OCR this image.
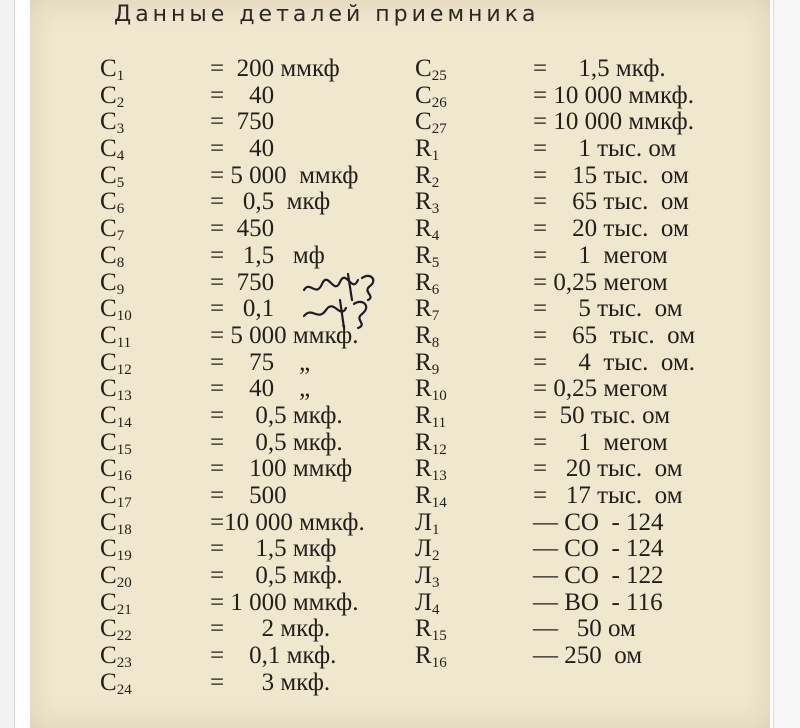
Данные деталей приемника
$C_1$	=  200 ммкф
$C_2$	=    40
$C_3$	=  750
$C_4$	=    40
$C_5$	= 5 000  ммкф
$C_6$	=   0,5  мкф
$C_7$	=  450
$C_8$	=   1,5   мф
$C_9$	=  750
$C_{10}$	=   0,1
$C_{11}$	= 5 000 ммкф.
$C_{12}$	=    75    „
$C_{13}$	=    40    „
$C_{14}$	=     0,5 мкф.
$C_{15}$	=     0,5 мкф.
$C_{16}$	=    100 ммкф
$C_{17}$	=    500
$C_{18}$	=10 000 ммкф.
$C_{19}$	=     1,5 мкф
$C_{20}$	=     0,5 мкф.
$C_{21}$	= 1 000 ммкф.
$C_{22}$	=      2 мкф.
$C_{23}$	=    0,1 мкф.
$C_{24}$	=      3 мкф.
$C_{25}$	=     1,5 мкф.
$C_{26}$	= 10 000 ммкф.
$C_{27}$	= 10 000 ммкф.
$R_1$	=     1 тыс. ом
$R_2$	=    15 тыс.  ом
$R_3$	=    65 тыс.  ом
$R_4$	=    20 тыс.  ом
$R_5$	=     1  мегом
$R_6$	= 0,25 мегом
$R_7$	=     5 тыс.  ом
$R_8$	=    65  тыс.  ом
$R_9$	=     4  тыс.  ом.
$R_{10}$	= 0,25 мегом
$R_{11}$	=  50 тыс. ом
$R_{12}$	=     1  мегом
$R_{13}$	=   20 тыс.  ом
$R_{14}$	=   17 тыс.  ом
$Л_1$	— CO  - 124
$Л_2$	— CO  - 124
$Л_3$	— CO  - 122
$Л_4$	— BO  - 116
$R_{15}$	—   50 ом
$R_{16}$	— 250  ом
